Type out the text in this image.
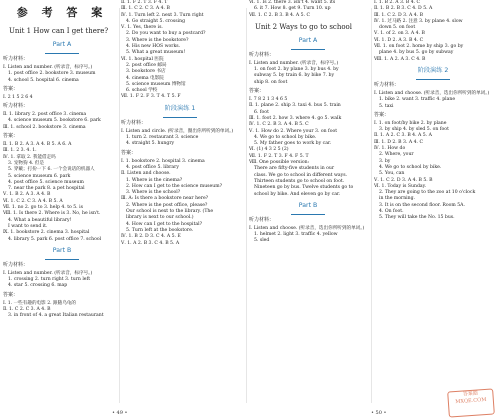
参 考 答 案
Unit 1 How can I get there?
Part A
听力材料：
Ⅰ. Listen and number. (听录音，标序号。)
1. post office 2. bookstore 3. museum
4. school 5. hospital 6. cinema
答案：
Ⅰ. 2 1 5 2 6 4
听力材料：
Ⅱ. 1. library 2. post office 3. cinema
4. science museum 5. bookstore 6. park
Ⅲ. 1. school 2. bookstore 3. cinema
答案：
Ⅱ. 1. B 2. A 3. A 4. B 5. A 6. A
Ⅲ. 1. 2 3. 4. 1.
Ⅳ. 1. 拿取 2. 我能借走吗
3. 宠物狗 4. 但是
5. 穿戴；打扮一下 6. 一个会说话的机器人
5. science museum 6. park
4. post office 5. science museum
7. near the park 8. a pet hospital
Ⅴ. 1. B 2. A 3. A 4. B
Ⅵ. 1. C 2. C 3. A 4. B 5. A
Ⅶ. 1. no 2. go to 3. help 4. to 5. is
Ⅷ. 1. Is there 2. Where is 3. No, he isn't.
4. What a beautiful library!
I want to send it.
Ⅸ. 1. bookstore 2. cinema 3. hospital
4. library 5. park 6. post office 7. school
Part B
听力材料：
Ⅰ. Listen and number. (听录音，标序号。)
1. crossing 2. turn right 3. turn left
4. star 5. crossing 6. map
答案：
Ⅰ. 1. 一些有趣的电影 2. 跟随乌龟的
Ⅱ. 1. C 2. C 3. A 4. B
3. in front of 4. a great Italian restaurant
Ⅱ. 1. F 2. T 3. F 4. T
Ⅲ. 1. C 2. C 3. A 4. B
Ⅳ. 1. Turn left 2. next 3. Turn right
4. Go straight 5. crossing
Ⅴ. 1. Yes, there is.
2. Do you want to buy a postcard?
3. Where is the bookstore?
4. His new HOS works.
5. What a great museum!
Ⅵ. 1. hospital 医院
2. post office 邮局
3. bookstore 书店
4. cinema 电影院
5. science museum 博物馆
6. school 学校
Ⅶ. 1. F 2. F 3. T 4. T 5. F
阶段演练 1
听力材料：
Ⅰ. Listen and circle. (听录音，圈出你所听到的单词。)
1. turn 2. restaurant 3. science
4. straight 5. hungry
答案：
Ⅰ. 1. bookstore 2. hospital 3. cinema
4. post office 5. library
Ⅱ. Listen and choose.
1. Where is the cinema?
2. How can I get to the science museum?
3. Where is the school?
Ⅲ. A: Is there a bookstore near here?
2. Where is the post office, please?
Our school is next to the library. (The
library is next to our school.)
4. How can I get to the hospital?
5. Turn left at the bookstore.
Ⅳ. 1. B 2. D 3. C 4. A 5. E
Ⅴ. 1. A 2. B 3. C 4. B 5. A
Ⅵ. 1. Is 2. there 3. isn't 4. want 5. its
6. it 7. How 8. get 9. Turn 10. up
Ⅶ. 1. C 2. B 3. B 4. A 5. C
Unit 2 Ways to go to school
Part A
听力材料：
Ⅰ. Listen and number. (听录音，标序号。)
1. on foot 2. by plane 3. by bus 4. by
subway 5. by train 6. by bike 7. by
ship 8. on foot
答案：
Ⅰ. 7 8 2 1 3 4 6 5
Ⅱ. 1. plane 2. ship 3. taxi 4. bus 5. train
6. foot
Ⅲ. 1. foot 2. how 3. where 4. go 5. walk
Ⅳ. 1. C 2. B 3. A 4. B 5. C
Ⅴ. 1. How do 2. Where your 3. on foot
4. We go to school by bike.
5. My father goes to work by car.
Ⅵ. (1) 4 3 2 5 (2)
Ⅶ. 1. F 2. T 3. F 4. F 5. T
Ⅷ. One possible version:
There are fifty-five students in our
class. We go to school in different ways.
Thirteen students go to school on foot.
Nineteen go by bus. Twelve students go to
school by bike. And eleven go by car.
Part B
听力材料：
Ⅰ. Listen and choose. (听录音，选出你所听到的单词。)
1. helmet 2. light 3. traffic 4. yellow
5. sled
Ⅰ. 1. B 2. A 3. B 4. C
Ⅱ. 1. B 2. B 3. C 4. D 5. A
Ⅲ. 1. C 2. D 3. A 4. B
Ⅳ. 1. 过马路 2. 注意 3. by plane 4. slow
down 5. on foot
Ⅴ. 1. of 2. on 3. A 4. B
Ⅵ. 1. D 2. A 3. B 4. C
Ⅶ. 1. on foot 2. home by ship 3. go by
plane 4. by bus 5. go by subway
Ⅷ. 1. A 2. A 3. C 4. B
阶段演练 2
听力材料：
Ⅰ. Listen and choose. (听录音，选出你所听到的单词。)
1. bike 2. want 3. traffic 4. plane
5. taxi
答案：
Ⅰ. 1. on foot/by bike 2. by plane
3. by ship 4. by sled 5. on foot
Ⅱ. 1. A 2. C 3. B 4. A 5. A
Ⅲ. 1. D 2. B 3. A 4. C
Ⅳ. 1. How do
2. Where, your
3. by
4. We go to school by bike.
5. You, can
Ⅴ. 1. C 2. D 3. A 4. B 5. B
Ⅵ. 1. Today is Sunday.
2. They are going to the zoo at 10 o'clock
in the morning.
3. It is on the second floor. Room 5A.
4. On foot.
5. They will take the No. 15 bus.
• 49 •	• 50 •
答案圈
MXQE.COM
